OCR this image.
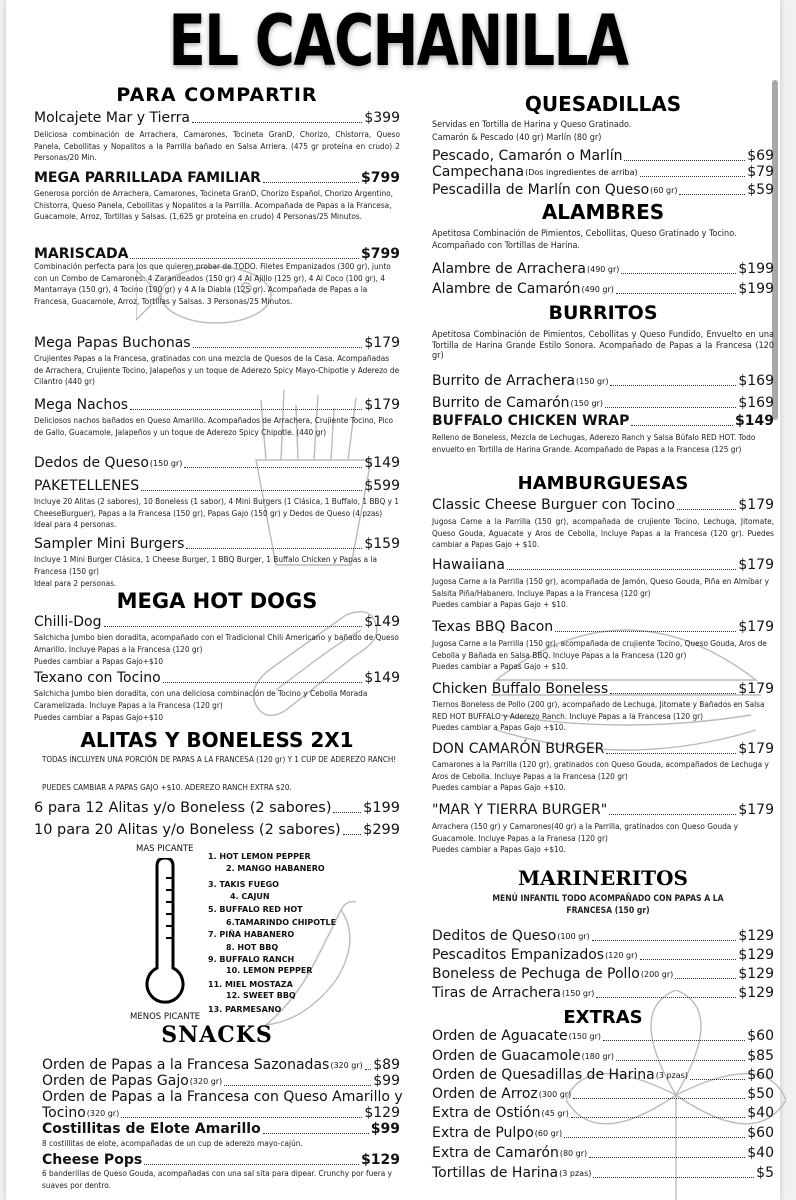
EL CACHANILLA
PARA COMPARTIR
Molcajete Mar y Tierra	$399
Deliciosa combinación de Arrachera, Camarones, Tocineta GranD, Chorizo, Chistorra, Queso Panela, Cebollitas y Nopalitos a la Parrilla bañado en Salsa Arriera. (475 gr proteína en crudo) 2 Personas/20 Min.
MEGA PARRILLADA FAMILIAR	$799
Generosa porción de Arrachera, Camarones, Tocineta GranD, Chorizo Español, Chorizo Argentino, Chistorra, Queso Panela, Cebollitas y Nopalitos a la Parrilla. Acompañada de Papas a la Francesa, Guacamole, Arroz, Tortillas y Salsas. (1,625 gr proteína en crudo) 4 Personas/25 Minutos.
MARISCADA	$799
Combinación perfecta para los que quieren probar de TODO. Filetes Empanizados (300 gr), junto con un Combo de Camarones: 4 Zarandeados (150 gr) 4 Al Ajillo (125 gr), 4 Al Coco (100 gr), 4 Mantarraya (150 gr), 4 Tocino (100 gr) y 4 A la Diabla (125 gr). Acompañada de Papas a la Francesa, Guacamole, Arroz, Tortillas y Salsas. 3 Personas/25 Minutos.
Mega Papas Buchonas	$179
Crujientes Papas a la Francesa, gratinadas con una mezcla de Quesos de la Casa. Acompañadas de Arrachera, Crujiente Tocino, Jalapeños y un toque de Aderezo Spicy Mayo-Chipotle y Aderezo de Cilantro (440 gr)
Mega Nachos	$179
Deliciosos nachos bañados en Queso Amarillo. Acompañados de Arrachera, Crujiente Tocino, Pico de Gallo, Guacamole, Jalapeños y un toque de Aderezo Spicy Chipotle. (440 gr)
Dedos de Queso (150 gr)	$149
PAKETELLENES	$599
Incluye 20 Alitas (2 sabores), 10 Boneless (1 sabor), 4 Mini Burgers (1 Clásica, 1 Buffalo, 1 BBQ y 1 CheeseBurguer), Papas a la Francesa (150 gr), Papas Gajo (150 gr) y Dedos de Queso (4 pzas) Ideal para 4 personas.
Sampler Mini Burgers	$159
Incluye 1 Mini Burger Clásica, 1 Cheese Burger, 1 BBQ Burger, 1 Buffalo Chicken y Papas a la Francesa (150 gr)
Ideal para 2 personas.
MEGA HOT DOGS
Chilli-Dog	$149
Salchicha Jumbo bien doradita, acompañado con el Tradicional Chili Americano y bañado de Queso Amarillo. Incluye Papas a la Francesa (120 gr)
Puedes cambiar a Papas Gajo+$10
Texano con Tocino	$149
Salchicha Jumbo bien doradita, con una deliciosa combinación de Tocino y Cebolla Morada Caramelizada. Incluye Papas a la Francesa (120 gr)
Puedes cambiar a Papas Gajo+$10
ALITAS Y BONELESS 2X1
TODAS INCLUYEN UNA PORCIÓN DE PAPAS A LA FRANCESA (120 gr) Y 1 CUP DE ADEREZO RANCH!
PUEDES CAMBIAR A PAPAS GAJO +$10. ADEREZO RANCH EXTRA $20.
6 para 12 Alitas y/o Boneless (2 sabores) $199
10 para 20 Alitas y/o Boneless (2 sabores) $299
SNACKS
Orden de Papas a la Francesa Sazonadas (320 gr) $89
Orden de Papas Gajo (320 gr)	$99
Orden de Papas a la Francesa con Queso Amarillo y
Tocino (320 gr)	$129
Costillitas de Elote Amarillo	$99
8 costillitas de elote, acompañadas de un cup de aderezo mayo-cajún.
Cheese Pops	$129
6 banderillas de Queso Gouda, acompañadas con una sal sita para dipear. Crunchy por fuera y suaves por dentro.
MAS PICANTE
MENOS PICANTE
1. HOT LEMON PEPPER
2. MANGO HABANERO
3. TAKIS FUEGO
4. CAJUN
5. BUFFALO RED HOT
6.TAMARINDO CHIPOTLE
7. PIÑA HABANERO
8. HOT BBQ
9. BUFFALO RANCH
10. LEMON PEPPER
11. MIEL MOSTAZA
12. SWEET BBQ
13. PARMESANO
QUESADILLAS
Servidas en Tortilla de Harina y Queso Gratinado.
Camarón & Pescado (40 gr) Marlín (80 gr)
Pescado, Camarón o Marlín	$69
Campechana (Dos ingredientes de arriba)	$79
Pescadilla de Marlín con Queso (60 gr)	$59
ALAMBRES
Apetitosa Combinación de Pimientos, Cebollitas, Queso Gratinado y Tocino. Acompañado con Tortillas de Harina.
Alambre de Arrachera (490 gr)	$199
Alambre de Camarón (490 gr)	$199
BURRITOS
Apetitosa Combinación de Pimientos, Cebollitas y Queso Fundido, Envuelto en una Tortilla de Harina Grande Estilo Sonora. Acompañado de Papas a la Francesa (120 gr)
Burrito de Arrachera (150 gr)	$169
Burrito de Camarón (150 gr)	$169
BUFFALO CHICKEN WRAP	$149
Relleno de Boneless, Mezcla de Lechugas, Aderezo Ranch y Salsa Búfalo RED HOT. Todo envuelto en Tortilla de Harina Grande. Acompañado de Papas a la Francesa (125 gr)
HAMBURGUESAS
Classic Cheese Burguer con Tocino	$179
Jugosa Carne a la Parrilla (150 gr), acompañada de crujiente Tocino, Lechuga, Jitomate, Queso Gouda, Aguacate y Aros de Cebolla, Incluye Papas a la Francesa (120 gr). Puedes cambiar a Papas Gajo + $10.
Hawaiiana	$179
Jugosa Carne a la Parrilla (150 gr), acompañada de Jamón, Queso Gouda, Piña en Almíbar y Salsita Piña/Habanero. Incluye Papas a la Francesa (120 gr)
Puedes cambiar a Papas Gajo + $10.
Texas BBQ Bacon	$179
Jugosa Carne a la Parrilla (150 gr), acompañada de crujiente Tocino, Queso Gouda, Aros de Cebolla y Bañada en Salsa BBQ. Incluye Papas a la Francesa (120 gr)
Puedes cambiar a Papas Gajo + $10.
Chicken Buffalo Boneless	$179
Tiernos Boneless de Pollo (200 gr), acompañado de Lechuga, Jitomate y Bañados en Salsa RED HOT BUFFALO y Aderezo Ranch. Incluye Papas a la Francesa (120 gr)
Puedes cambiar a Papas Gajo +$10.
DON CAMARÓN BURGER	$179
Camarones a la Parrilla (120 gr), gratinados con Queso Gouda, acompañados de Lechuga y Aros de Cebolla. Incluye Papas a la Francesa (120 gr)
Puedes cambiar a Papas Gajo +$10.
"MAR Y TIERRA BURGER"	$179
Arrachera (150 gr) y Camarones(40 gr) a la Parrilla, gratinados con Queso Gouda y Guacamole. Incluye Papas a la Franesa (120 gr)
Puedes cambiar a Papas Gajo +$10.
MARINERITOS
MENÚ INFANTIL TODO ACOMPAÑADO CON PAPAS A LA FRANCESA (150 gr)
Deditos de Queso (100 gr)	$129
Pescaditos Empanizados (120 gr)	$129
Boneless de Pechuga de Pollo (200 gr)	$129
Tiras de Arrachera (150 gr)	$129
EXTRAS
Orden de Aguacate (150 gr)	$60
Orden de Guacamole (180 gr)	$85
Orden de Quesadillas de Harina (3 pzas)	$60
Orden de Arroz (300 gr)	$50
Extra de Ostión (45 gr)	$40
Extra de Pulpo (60 gr)	$60
Extra de Camarón (80 gr)	$40
Tortillas de Harina (3 pzas)	$5
